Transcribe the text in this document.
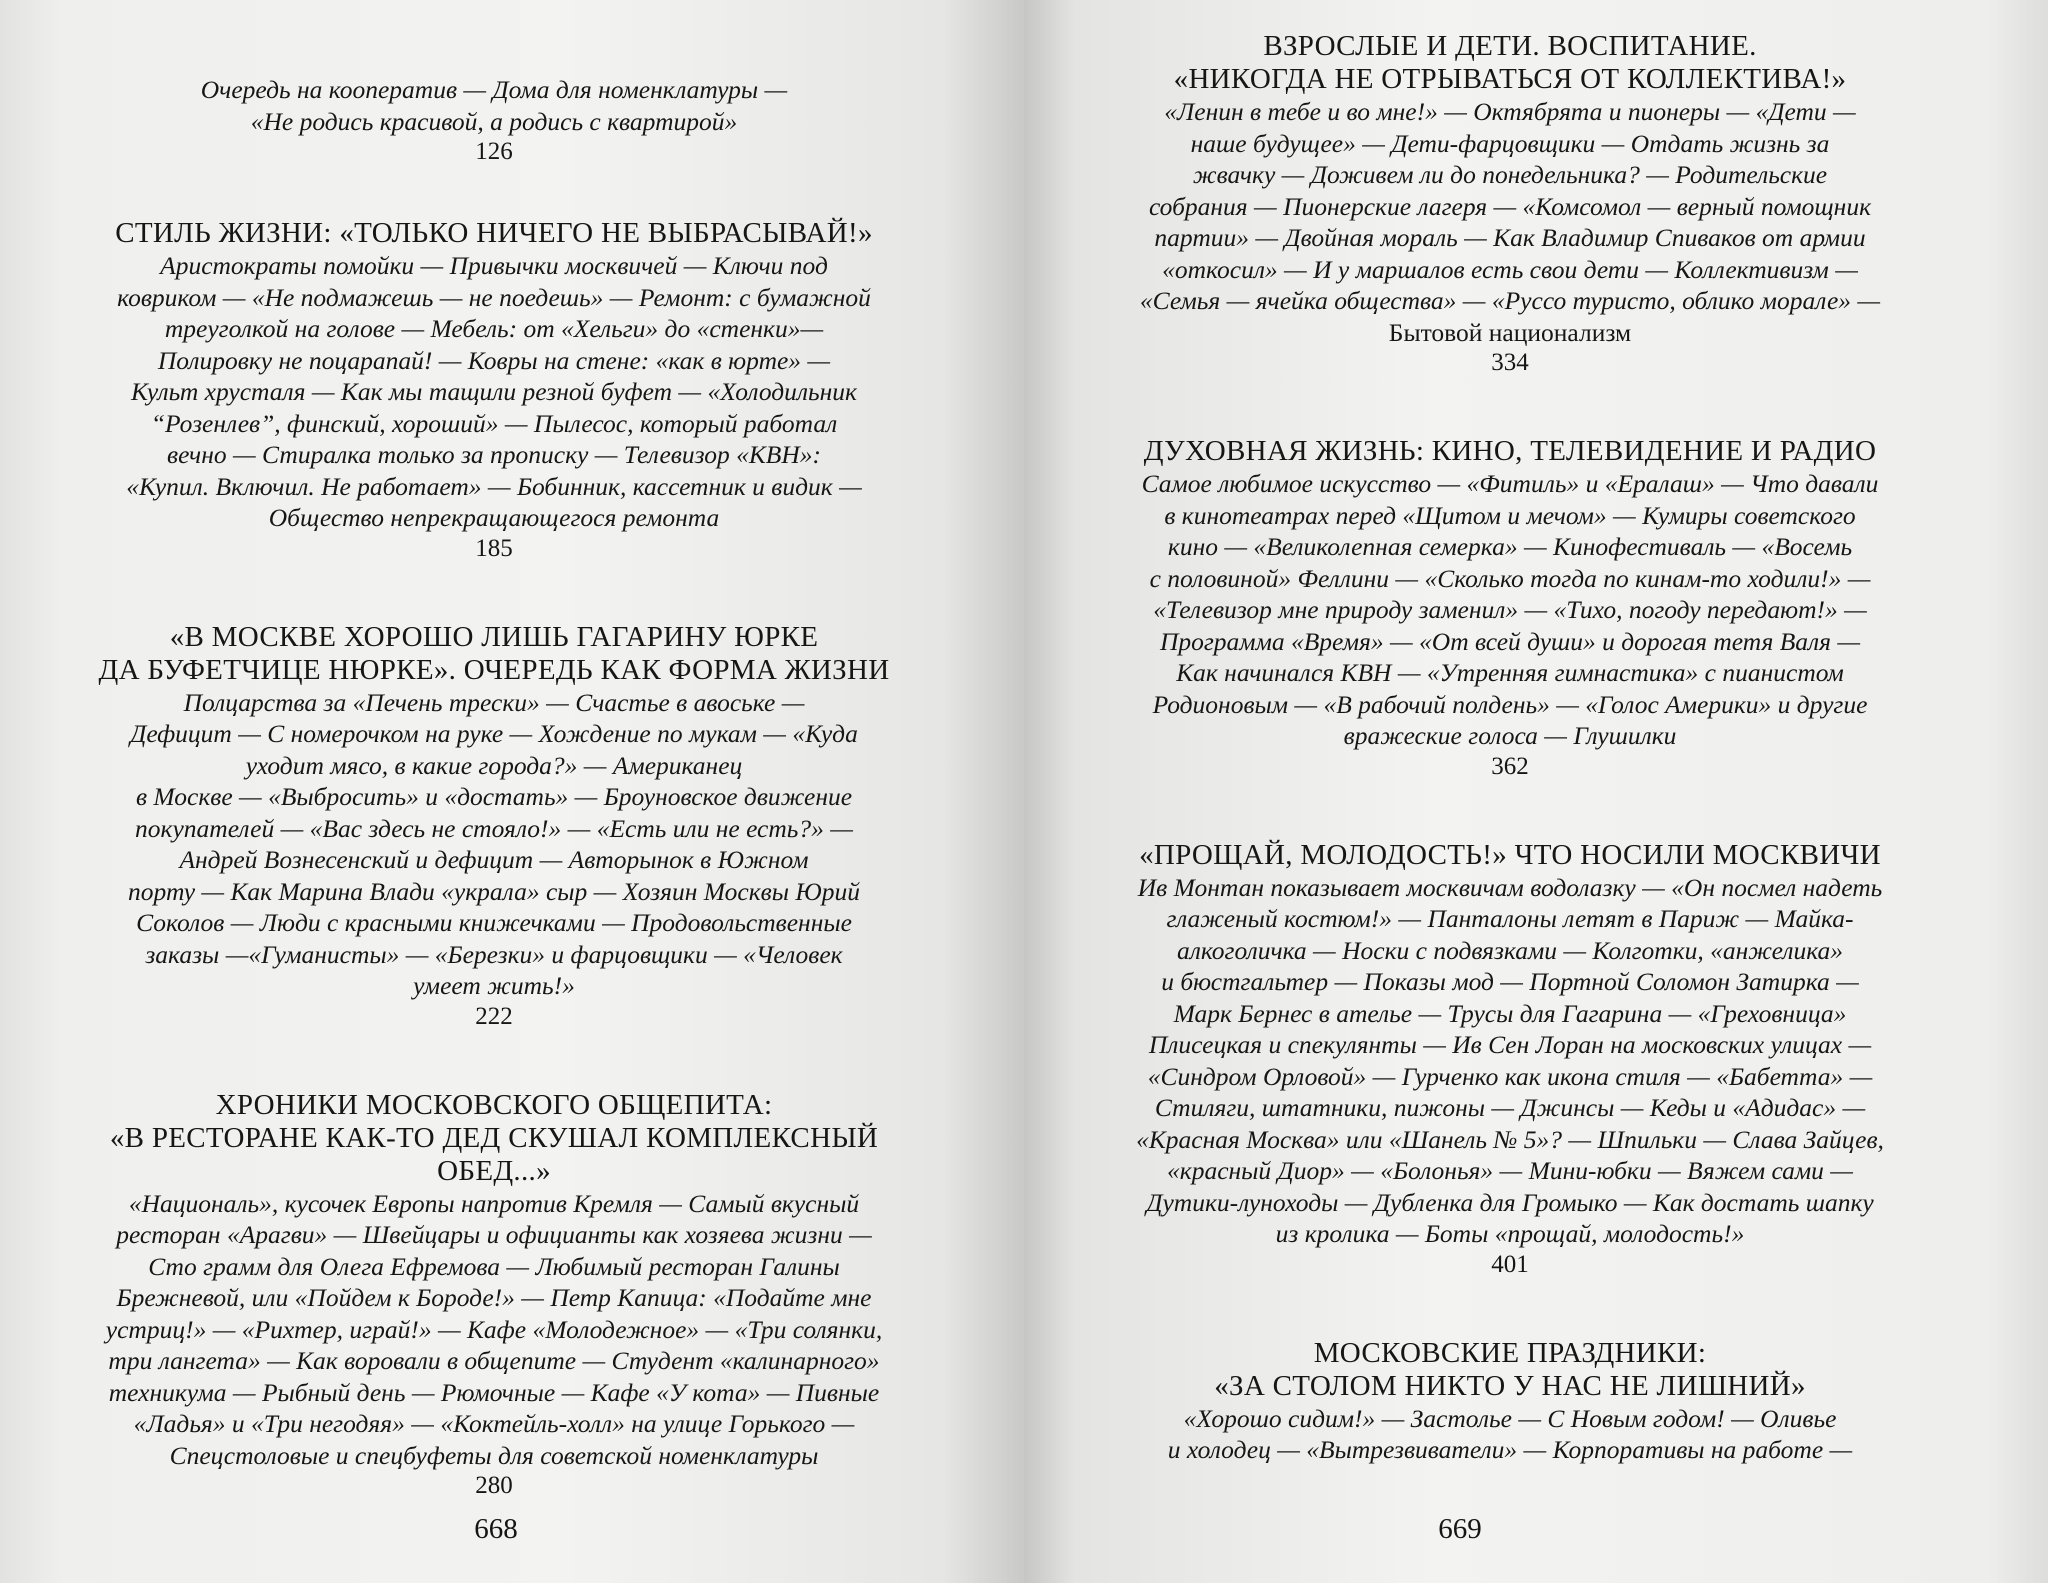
Очередь на кооператив — Дома для номенклатуры —
«Не родись красивой, а родись с квартирой»
126
СТИЛЬ ЖИЗНИ: «ТОЛЬКО НИЧЕГО НЕ ВЫБРАСЫВАЙ!»
Аристократы помойки — Привычки москвичей — Ключи под
ковриком — «Не подмажешь — не поедешь» — Ремонт: с бумажной
треуголкой на голове — Мебель: от «Хельги» до «стенки»—
Полировку не поцарапай! — Ковры на стене: «как в юрте» —
Культ хрусталя — Как мы тащили резной буфет — «Холодильник
“Розенлев”, финский, хороший» — Пылесос, который работал
вечно — Стиралка только за прописку — Телевизор «КВН»:
«Купил. Включил. Не работает» — Бобинник, кассетник и видик —
Общество непрекращающегося ремонта
185
«В МОСКВЕ ХОРОШО ЛИШЬ ГАГАРИНУ ЮРКЕ
ДА БУФЕТЧИЦЕ НЮРКЕ». ОЧЕРЕДЬ КАК ФОРМА ЖИЗНИ
Полцарства за «Печень трески» — Счастье в авоське —
Дефицит — С номерочком на руке — Хождение по мукам — «Куда
уходит мясо, в какие города?» — Американец
в Москве — «Выбросить» и «достать» — Броуновское движение
покупателей — «Вас здесь не стояло!» — «Есть или не есть?» —
Андрей Вознесенский и дефицит — Авторынок в Южном
порту — Как Марина Влади «украла» сыр — Хозяин Москвы Юрий
Соколов — Люди с красными книжечками — Продовольственные
заказы —«Гуманисты» — «Березки» и фарцовщики — «Человек
умеет жить!»
222
ХРОНИКИ МОСКОВСКОГО ОБЩЕПИТА:
«В РЕСТОРАНЕ КАК-ТО ДЕД СКУШАЛ КОМПЛЕКСНЫЙ
ОБЕД...»
«Националь», кусочек Европы напротив Кремля — Самый вкусный
ресторан «Арагви» — Швейцары и официанты как хозяева жизни —
Сто грамм для Олега Ефремова — Любимый ресторан Галины
Брежневой, или «Пойдем к Бороде!» — Петр Капица: «Подайте мне
устриц!» — «Рихтер, играй!» — Кафе «Молодежное» — «Три солянки,
три лангета» — Как воровали в общепите — Студент «калинарного»
техникума — Рыбный день — Рюмочные — Кафе «У кота» — Пивные
«Ладья» и «Три негодяя» — «Коктейль-холл» на улице Горького —
Спецстоловые и спецбуфеты для советской номенклатуры
280
668
ВЗРОСЛЫЕ И ДЕТИ. ВОСПИТАНИЕ.
«НИКОГДА НЕ ОТРЫВАТЬСЯ ОТ КОЛЛЕКТИВА!»
«Ленин в тебе и во мне!» — Октябрята и пионеры — «Дети —
наше будущее» — Дети-фарцовщики — Отдать жизнь за
жвачку — Доживем ли до понедельника? — Родительские
собрания — Пионерские лагеря — «Комсомол — верный помощник
партии» — Двойная мораль — Как Владимир Спиваков от армии
«откосил» — И у маршалов есть свои дети — Коллективизм —
«Семья — ячейка общества» — «Руссо туристо, облико морале» —
Бытовой национализм
334
ДУХОВНАЯ ЖИЗНЬ: КИНО, ТЕЛЕВИДЕНИЕ И РАДИО
Самое любимое искусство — «Фитиль» и «Ералаш» — Что давали
в кинотеатрах перед «Щитом и мечом» — Кумиры советского
кино — «Великолепная семерка» — Кинофестиваль — «Восемь
с половиной» Феллини — «Сколько тогда по кинам-то ходили!» —
«Телевизор мне природу заменил» — «Тихо, погоду передают!» —
Программа «Время» — «От всей души» и дорогая тетя Валя —
Как начинался КВН — «Утренняя гимнастика» с пианистом
Родионовым — «В рабочий полдень» — «Голос Америки» и другие
вражеские голоса — Глушилки
362
«ПРОЩАЙ, МОЛОДОСТЬ!» ЧТО НОСИЛИ МОСКВИЧИ
Ив Монтан показывает москвичам водолазку — «Он посмел надеть
глаженый костюм!» — Панталоны летят в Париж — Майка-
алкоголичка — Носки с подвязками — Колготки, «анжелика»
и бюстгальтер — Показы мод — Портной Соломон Затирка —
Марк Бернес в ателье — Трусы для Гагарина — «Греховница»
Плисецкая и спекулянты — Ив Сен Лоран на московских улицах —
«Синдром Орловой» — Гурченко как икона стиля — «Бабетта» —
Стиляги, штатники, пижоны — Джинсы — Кеды и «Адидас» —
«Красная Москва» или «Шанель № 5»? — Шпильки — Слава Зайцев,
«красный Диор» — «Болонья» — Мини-юбки — Вяжем сами —
Дутики-луноходы — Дубленка для Громыко — Как достать шапку
из кролика — Боты «прощай, молодость!»
401
МОСКОВСКИЕ ПРАЗДНИКИ:
«ЗА СТОЛОМ НИКТО У НАС НЕ ЛИШНИЙ»
«Хорошо сидим!» — Застолье — С Новым годом! — Оливье
и холодец — «Вытрезвиватели» — Корпоративы на работе —
669
